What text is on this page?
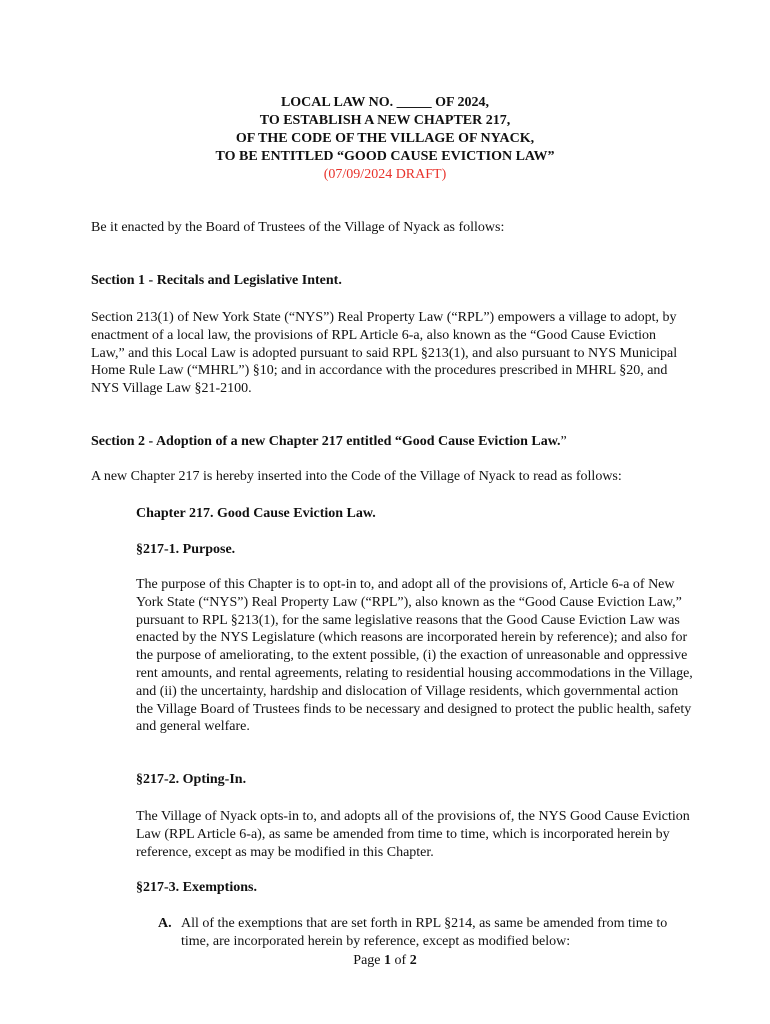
LOCAL LAW NO. _____ OF 2024,
TO ESTABLISH A NEW CHAPTER 217,
OF THE CODE OF THE VILLAGE OF NYACK,
TO BE ENTITLED “GOOD CAUSE EVICTION LAW”
(07/09/2024 DRAFT)

Be it enacted by the Board of Trustees of the Village of Nyack as follows:

Section 1 - Recitals and Legislative Intent.

Section 213(1) of New York State (“NYS”) Real Property Law (“RPL”) empowers a village to adopt, by enactment of a local law, the provisions of RPL Article 6-a, also known as the “Good Cause Eviction Law,” and this Local Law is adopted pursuant to said RPL §213(1), and also pursuant to NYS Municipal Home Rule Law (“MHRL”) §10; and in accordance with the procedures prescribed in MHRL §20, and NYS Village Law §21-2100.

Section 2 - Adoption of a new Chapter 217 entitled “Good Cause Eviction Law.”

A new Chapter 217 is hereby inserted into the Code of the Village of Nyack to read as follows:

Chapter 217. Good Cause Eviction Law.

§217-1. Purpose.

The purpose of this Chapter is to opt-in to, and adopt all of the provisions of, Article 6-a of New York State (“NYS”) Real Property Law (“RPL”), also known as the “Good Cause Eviction Law,” pursuant to RPL §213(1), for the same legislative reasons that the Good Cause Eviction Law was enacted by the NYS Legislature (which reasons are incorporated herein by reference); and also for the purpose of ameliorating, to the extent possible, (i) the exaction of unreasonable and oppressive rent amounts, and rental agreements, relating to residential housing accommodations in the Village, and (ii) the uncertainty, hardship and dislocation of Village residents, which governmental action the Village Board of Trustees finds to be necessary and designed to protect the public health, safety and general welfare.

§217-2. Opting-In.

The Village of Nyack opts-in to, and adopts all of the provisions of, the NYS Good Cause Eviction Law (RPL Article 6-a), as same be amended from time to time, which is incorporated herein by reference, except as may be modified in this Chapter.

§217-3. Exemptions.

A. All of the exemptions that are set forth in RPL §214, as same be amended from time to time, are incorporated herein by reference, except as modified below:
Page 1 of 2
